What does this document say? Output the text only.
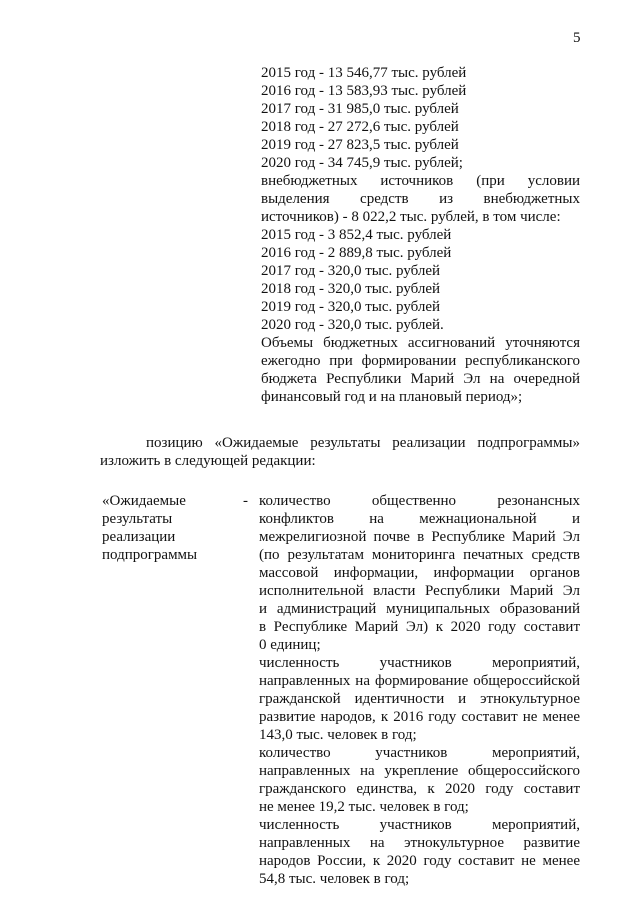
5
2015 год - 13 546,77 тыс. рублей
2016 год - 13 583,93 тыс. рублей
2017 год - 31 985,0 тыс. рублей
2018 год - 27 272,6 тыс. рублей
2019 год - 27 823,5 тыс. рублей
2020 год - 34 745,9 тыс. рублей;
внебюджетных источников (при условии
выделения средств из внебюджетных
источников) - 8 022,2 тыс. рублей, в том числе:
2015 год - 3 852,4 тыс. рублей
2016 год - 2 889,8 тыс. рублей
2017 год - 320,0 тыс. рублей
2018 год - 320,0 тыс. рублей
2019 год - 320,0 тыс. рублей
2020 год - 320,0 тыс. рублей.
Объемы бюджетных ассигнований уточняются
ежегодно при формировании республиканского
бюджета Республики Марий Эл на очередной
финансовый год и на плановый период»;
позицию «Ожидаемые результаты реализации подпрограммы»
изложить в следующей редакции:
«Ожидаемые
результаты
реализации
подпрограммы
- количество общественно резонансных
конфликтов на межнациональной и
межрелигиозной почве в Республике Марий Эл
(по результатам мониторинга печатных средств
массовой информации, информации органов
исполнительной власти Республики Марий Эл
и администраций муниципальных образований
в Республике Марий Эл) к 2020 году составит
0 единиц;
численность участников мероприятий,
направленных на формирование общероссийской
гражданской идентичности и этнокультурное
развитие народов, к 2016 году составит не менее
143,0 тыс. человек в год;
количество участников мероприятий,
направленных на укрепление общероссийского
гражданского единства, к 2020 году составит
не менее 19,2 тыс. человек в год;
численность участников мероприятий,
направленных на этнокультурное развитие
народов России, к 2020 году составит не менее
54,8 тыс. человек в год;
